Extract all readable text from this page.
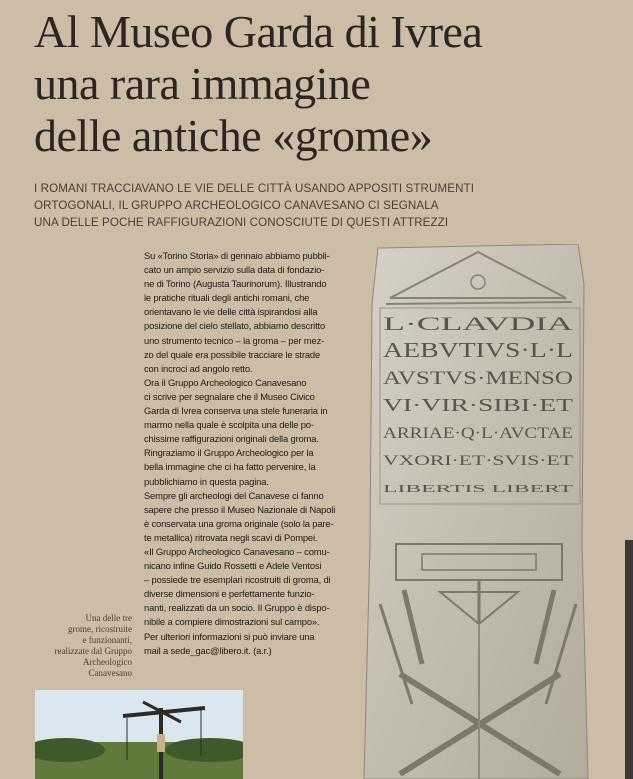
Al Museo Garda di Ivrea
una rara immagine
delle antiche «grome»
I ROMANI TRACCIAVANO LE VIE DELLE CITTÀ USANDO APPOSITI STRUMENTI
ORTOGONALI, IL GRUPPO ARCHEOLOGICO CANAVESANO CI SEGNALA
UNA DELLE POCHE RAFFIGURAZIONI CONOSCIUTE DI QUESTI ATTREZZI
Su «Torino Storia» di gennaio abbiamo pubbli-
cato un ampio servizio sulla data di fondazio-
ne di Torino (Augusta Taurinorum). Illustrando
le pratiche rituali degli antichi romani, che
orientavano le vie delle città ispirandosi alla
posizione del cielo stellato, abbiamo descritto
uno strumento tecnico – la groma – per mez-
zo del quale era possibile tracciare le strade
con incroci ad angolo retto.
Ora il Gruppo Archeologico Canavesano
ci scrive per segnalare che il Museo Civico
Garda di Ivrea conserva una stele funeraria in
marmo nella quale è scolpita una delle po-
chissime raffigurazioni originali della groma.
Ringraziamo il Gruppo Archeologico per la
bella immagine che ci ha fatto pervenire, la
pubblichiamo in questa pagina.
Sempre gli archeologi del Canavese ci fanno
sapere che presso il Museo Nazionale di Napoli
è conservata una groma originale (solo la pare-
te metallica) ritrovata negli scavi di Pompei.
«Il Gruppo Archeologico Canavesano – comu-
nicano infine Guido Rossetti e Adele Ventosi
– possiede tre esemplari ricostruiti di groma, di
diverse dimensioni e perfettamente funzio-
nanti, realizzati da un socio. Il Gruppo è dispo-
nibile a compiere dimostrazioni sul campo».
Per ulteriori informazioni si può inviare una
mail a sede_gac@libero.it. (a.r.)
Una delle tre
grome, ricostruite
e funzionanti,
realizzate dal Gruppo
Archeologico
Canavesano
L·CLAVDIA
AEBVTIVS·L·L
AVSTVS·MENSO
VI·VIR·SIBI·ET
ARRIAE·Q·L·AVCTAE
VXORI·ET·SVIS·ET
LIBERTIS LIBERT
